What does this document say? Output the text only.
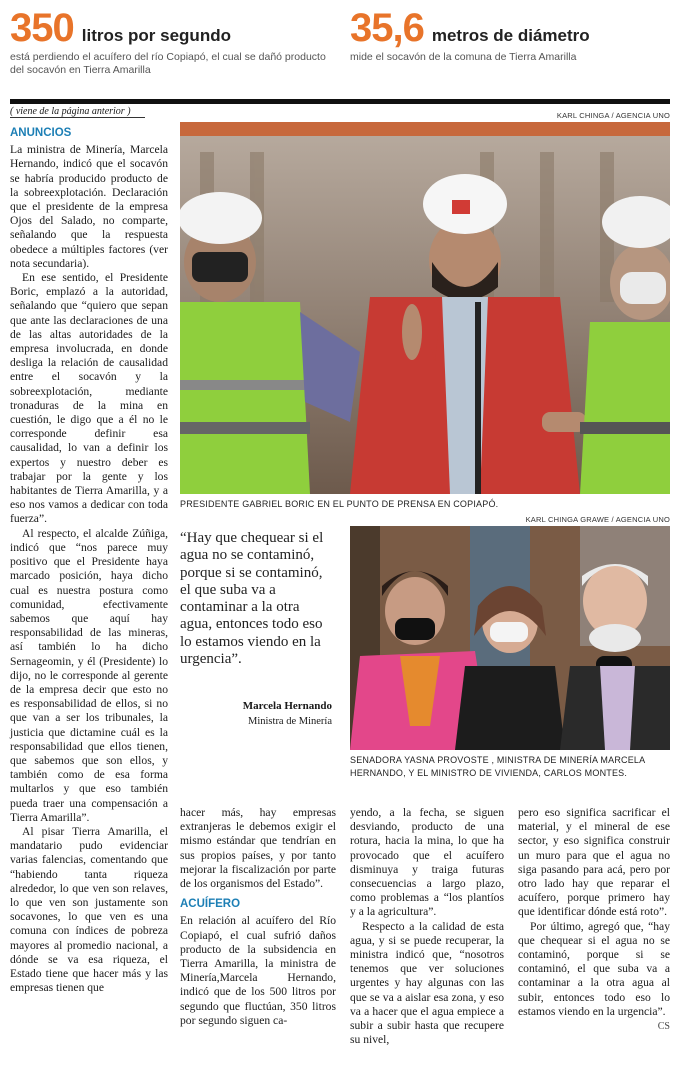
350 litros por segundo
está perdiendo el acuífero del río Copiapó, el cual se dañó producto del socavón en Tierra Amarilla
35,6 metros de diámetro
mide el socavón de la comuna de Tierra Amarilla
( viene de la página anterior )	KARL CHINGA / AGENCIA UNO
PRESIDENTE GABRIEL BORIC EN EL PUNTO DE PRENSA EN COPIAPÓ.
KARL CHINGA GRAWE / AGENCIA UNO
SENADORA YASNA PROVOSTE , MINISTRA DE MINERÍA MARCELA HERNANDO, Y EL MINISTRO DE VIVIENDA, CARLOS MONTES.
“Hay que chequear si el agua no se contaminó, porque si se contaminó, el que suba va a contaminar a la otra agua, entonces todo eso lo estamos viendo en la urgencia”.
Marcela Hernando
Ministra de Minería

ANUNCIOS

La ministra de Minería, Marcela Hernando, indicó que el socavón se habría producido producto de la sobreexplotación. Declaración que el presidente de la empresa Ojos del Salado, no comparte, señalando que la respuesta obedece a múltiples factores (ver nota secundaria).

En ese sentido, el Presidente Boric, emplazó a la autoridad, señalando que “quiero que sepan que ante las declaraciones de una de las altas autoridades de la empresa involucrada, en donde desliga la relación de causalidad entre el socavón y la sobreexplotación, mediante tronaduras de la mina en cuestión, le digo que a él no le corresponde definir esa causalidad, lo van a definir los expertos y nuestro deber es trabajar por la gente y los habitantes de Tierra Amarilla, y a eso nos vamos a dedicar con toda fuerza”.

Al respecto, el alcalde Zúñiga, indicó que “nos parece muy positivo que el Presidente haya marcado posición, haya dicho cual es nuestra postura como comunidad, efectivamente sabemos que aquí hay responsabilidad de las mineras, así también lo ha dicho Sernageomin, y él (Presidente) lo dijo, no le corresponde al gerente de la empresa decir que esto no es responsabilidad de ellos, si no que van a ser los tribunales, la justicia que dictamine cuál es la responsabilidad que ellos tienen, que sabemos que son ellos, y también como de esa forma multarlos y que eso también pueda traer una compensación a Tierra Amarilla”.

Al pisar Tierra Amarilla, el mandatario pudo evidenciar varias falencias, comentando que “habiendo tanta riqueza alrededor, lo que ven son relaves, lo que ven son justamente son socavones, lo que ven es una comuna con índices de pobreza mayores al promedio nacional, a dónde se va esa riqueza, el Estado tiene que hacer más y las empresas tienen que

hacer más, hay empresas extranjeras le debemos exigir el mismo estándar que tendrían en sus propios países, y por tanto mejorar la fiscalización por parte de los organismos del Estado”.

ACUÍFERO

En relación al acuífero del Río Copiapó, el cual sufrió daños producto de la subsidencia en Tierra Amarilla, la ministra de Minería,Marcela Hernando, indicó que de los 500 litros por segundo que fluctúan, 350 litros por segundo siguen ca-

yendo, a la fecha, se siguen desviando, producto de una rotura, hacia la mina, lo que ha provocado que el acuífero disminuya y traiga futuras consecuencias a largo plazo, como problemas a “los plantíos y a la agricultura”.

Respecto a la calidad de esta agua, y si se puede recuperar, la ministra indicó que, “nosotros tenemos que ver soluciones urgentes y hay algunas con las que se va a aislar esa zona, y eso va a hacer que el agua empiece a subir a subir hasta que recupere su nivel,

pero eso significa sacrificar el material, y el mineral de ese sector, y eso significa construir un muro para que el agua no siga pasando para acá, pero por otro lado hay que reparar el acuífero, porque primero hay que identificar dónde está roto”.

Por último, agregó que, “hay que chequear si el agua no se contaminó, porque si se contaminó, el que suba va a contaminar a la otra agua al subir, entonces todo eso lo estamos viendo en la urgencia”.

CS
